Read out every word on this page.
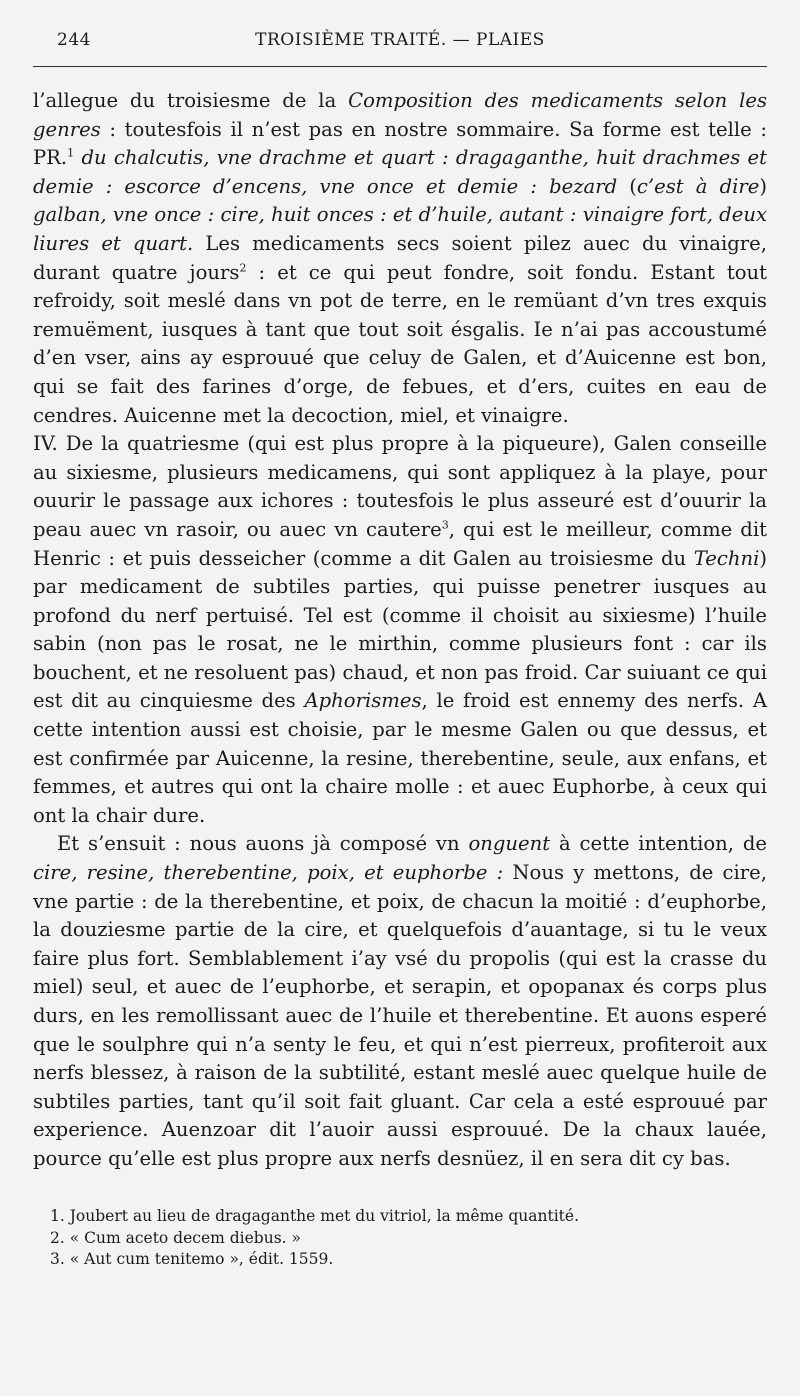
244	TROISIÈME TRAITÉ. — PLAIES

l’allegue du troisiesme de la Composition des medicaments selon les genres : toutesfois il n’est pas en nostre sommaire. Sa forme est telle : PR.$^1$ du chalcutis, vne drachme et quart : dragaganthe, huit drachmes et demie : escorce d’encens, vne once et demie : bezard (c’est à dire) galban, vne once : cire, huit onces : et d’huile, autant : vinaigre fort, deux liures et quart. Les medicaments secs soient pilez auec du vinaigre, durant quatre jours$^2$ : et ce qui peut fondre, soit fondu. Estant tout refroidy, soit meslé dans vn pot de terre, en le remüant d’vn tres exquis remuëment, iusques à tant que tout soit ésgalis. Ie n’ai pas accoustumé d’en vser, ains ay esprouué que celuy de Galen, et d’Auicenne est bon, qui se fait des farines d’orge, de febues, et d’ers, cuites en eau de cendres. Auicenne met la decoction, miel, et vinaigre.

IV. De la quatriesme (qui est plus propre à la piqueure), Galen conseille au sixiesme, plusieurs medicamens, qui sont appliquez à la playe, pour ouurir le passage aux ichores : toutesfois le plus asseuré est d’ouurir la peau auec vn rasoir, ou auec vn cautere$^3$, qui est le meilleur, comme dit Henric : et puis desseicher (comme a dit Galen au troisiesme du Techni) par medicament de subtiles parties, qui puisse penetrer iusques au profond du nerf pertuisé. Tel est (comme il choisit au sixiesme) l’huile sabin (non pas le rosat, ne le mirthin, comme plusieurs font : car ils bouchent, et ne resoluent pas) chaud, et non pas froid. Car suiuant ce qui est dit au cinquiesme des Aphorismes, le froid est ennemy des nerfs. A cette intention aussi est choisie, par le mesme Galen ou que dessus, et est confirmée par Auicenne, la resine, therebentine, seule, aux enfans, et femmes, et autres qui ont la chaire molle : et auec Euphorbe, à ceux qui ont la chair dure.

Et s’ensuit : nous auons jà composé vn onguent à cette intention, de cire, resine, therebentine, poix, et euphorbe : Nous y mettons, de cire, vne partie : de la therebentine, et poix, de chacun la moitié : d’euphorbe, la douziesme partie de la cire, et quelquefois d’auantage, si tu le veux faire plus fort. Semblablement i’ay vsé du propolis (qui est la crasse du miel) seul, et auec de l’euphorbe, et serapin, et opopanax és corps plus durs, en les remollissant auec de l’huile et therebentine. Et auons esperé que le soulphre qui n’a senty le feu, et qui n’est pierreux, profiteroit aux nerfs blessez, à raison de la subtilité, estant meslé auec quelque huile de subtiles parties, tant qu’il soit fait gluant. Car cela a esté esprouué par experience. Auenzoar dit l’auoir aussi esprouué. De la chaux lauée, pource qu’elle est plus propre aux nerfs desnüez, il en sera dit cy bas.

1. Joubert au lieu de dragaganthe met du vitriol, la même quantité.

2. « Cum aceto decem diebus. »

3. « Aut cum tenitemo », édit. 1559.
